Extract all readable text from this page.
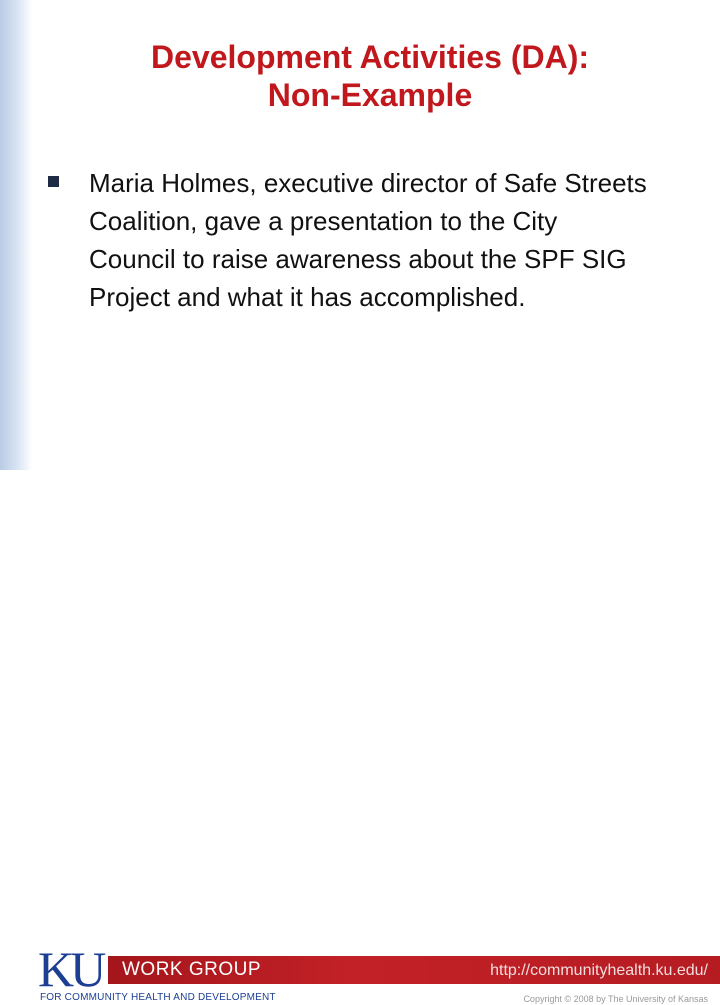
Development Activities (DA):
Non-Example
Maria Holmes, executive director of Safe Streets Coalition, gave a presentation to the City Council to raise awareness about the SPF SIG Project and what it has accomplished.
KU WORK GROUP	http://communityhealth.ku.edu/
FOR COMMUNITY HEALTH AND DEVELOPMENT	Copyright © 2008 by The University of Kansas
